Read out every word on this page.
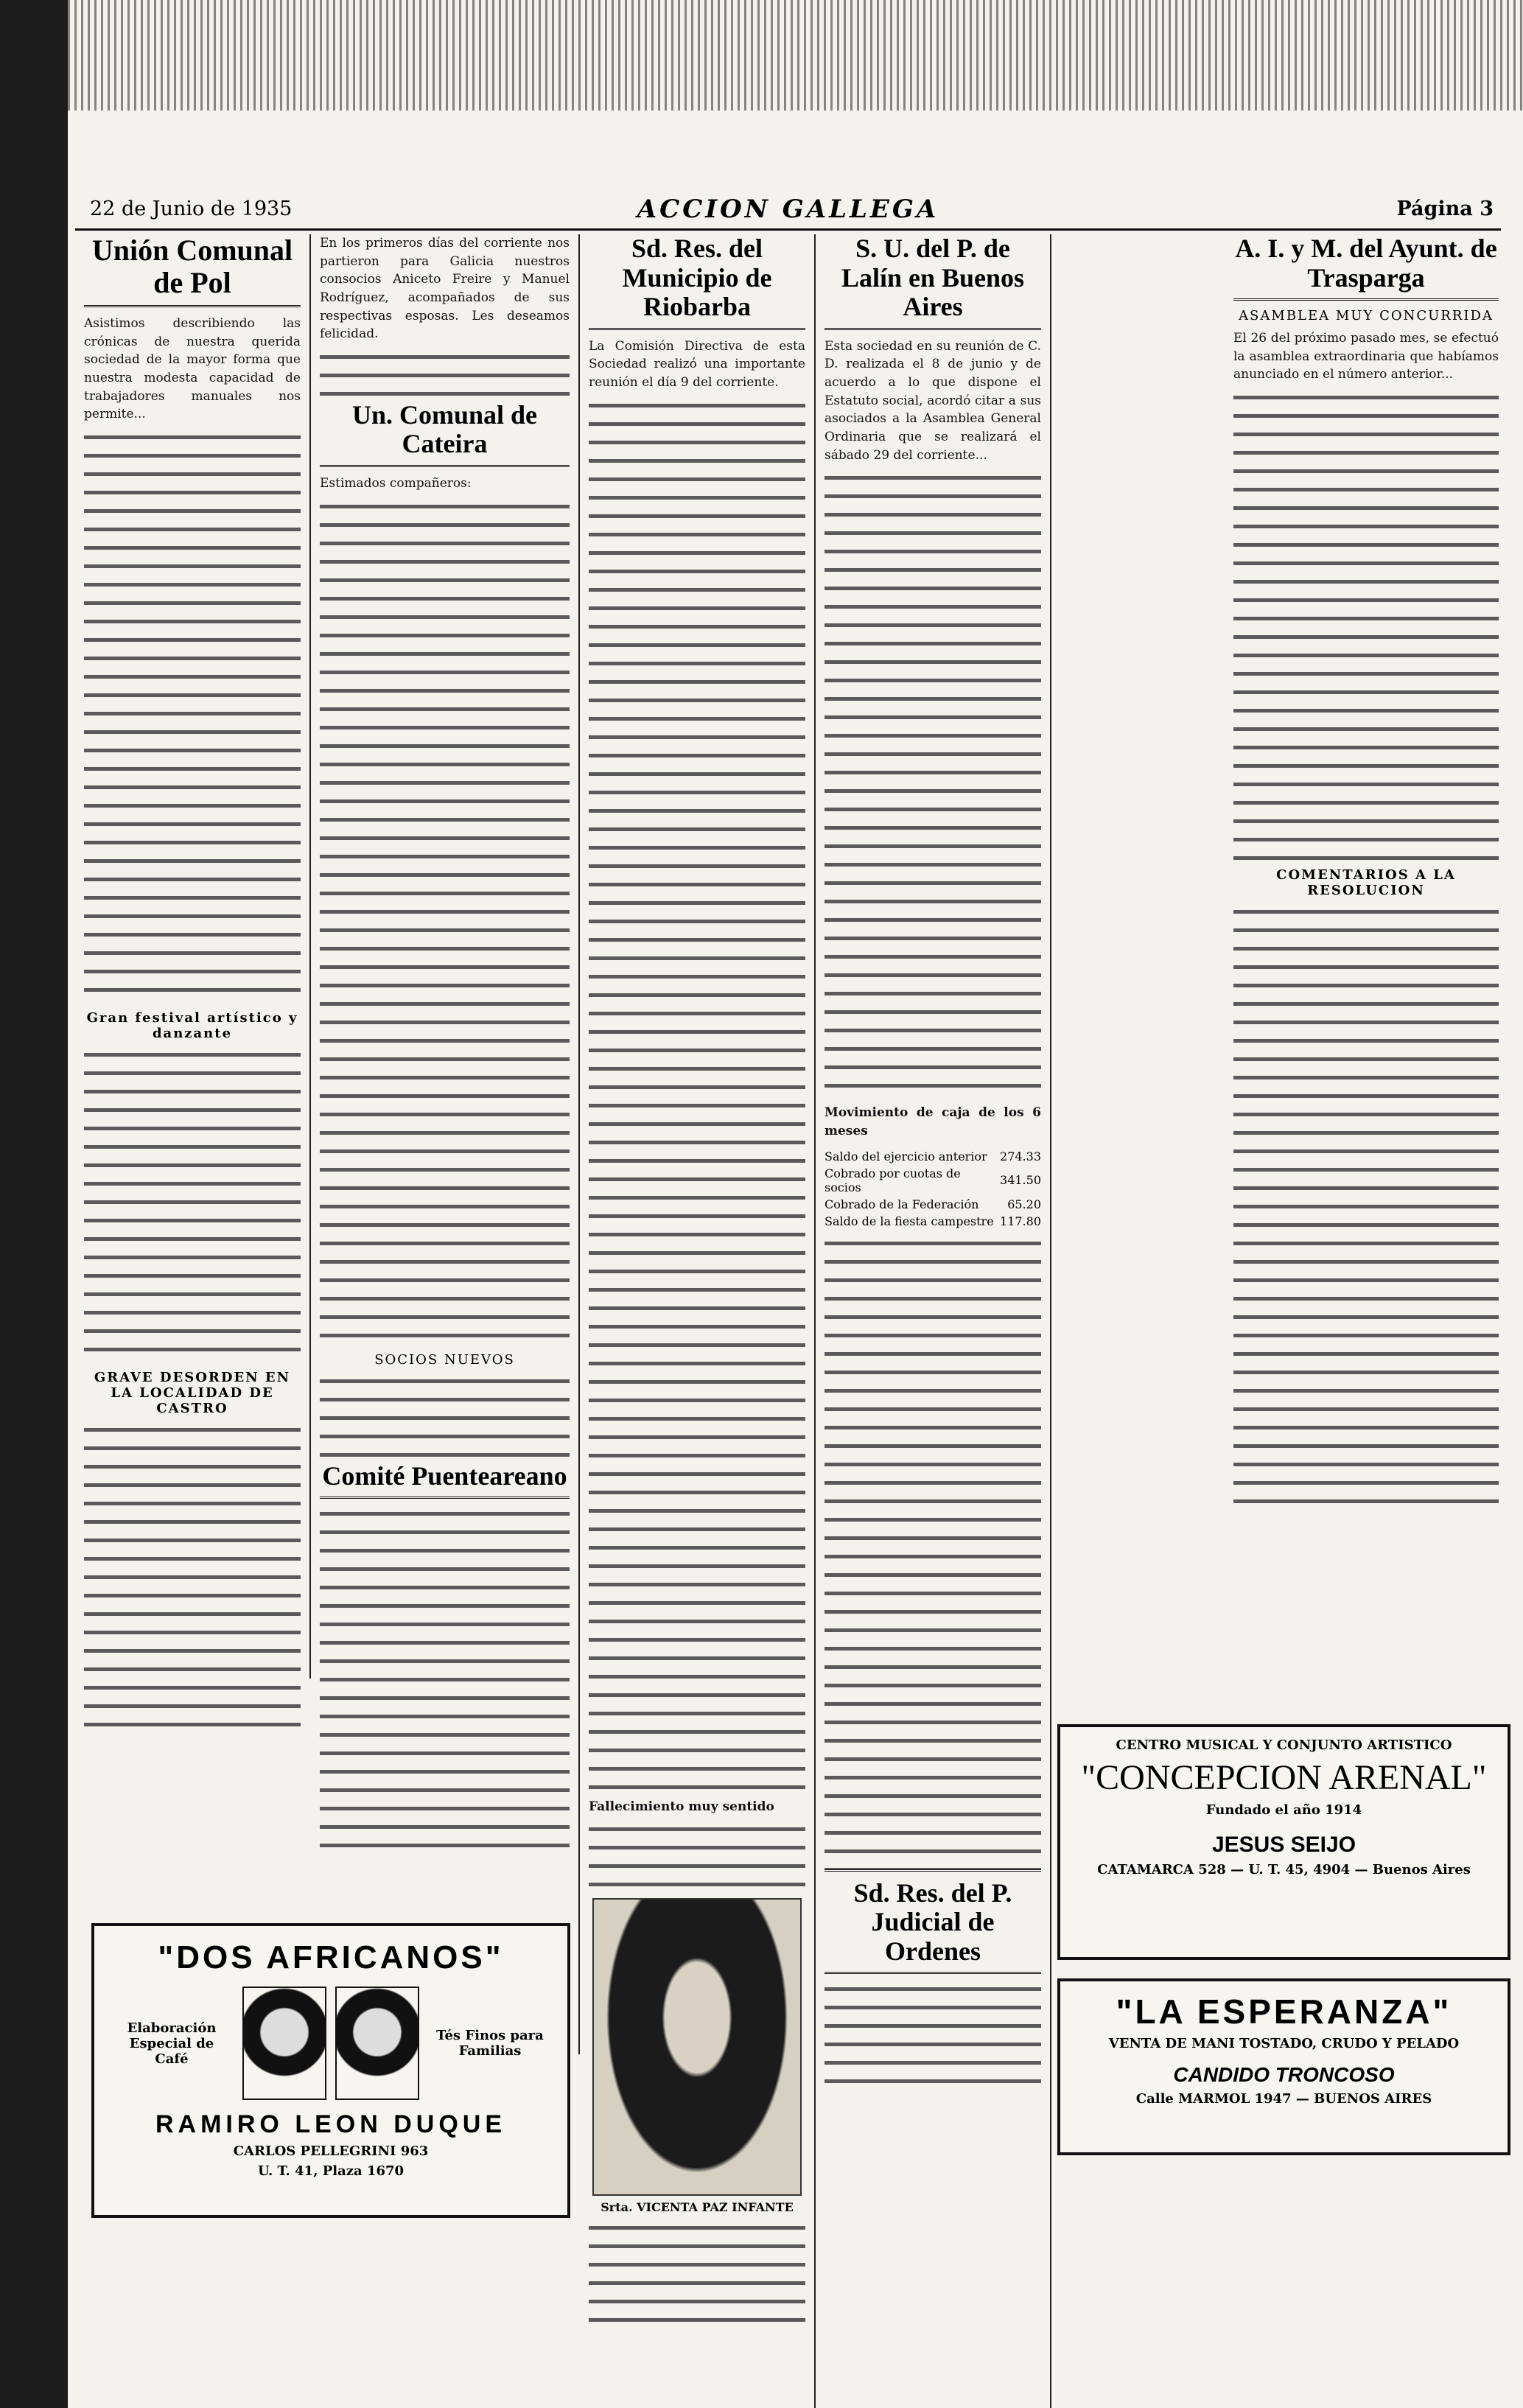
22 de Junio de 1935	ACCION GALLEGA	Página 3
Unión Comunal de Pol
Asistimos describiendo las crónicas de nuestra querida sociedad de la mayor forma que nuestra modesta capacidad de trabajadores manuales nos permite...
Gran festival artístico y danzante
GRAVE DESORDEN EN LA LOCALIDAD DE CASTRO
En los primeros días del corriente nos partieron para Galicia nuestros consocios Aniceto Freire y Manuel Rodríguez, acompañados de sus respectivas esposas. Les deseamos felicidad.
Un. Comunal de Cateira
Estimados compañeros:
SOCIOS NUEVOS
Comité Puenteareano
Sd. Res. del Municipio de Riobarba
La Comisión Directiva de esta Sociedad realizó una importante reunión el día 9 del corriente.
Fallecimiento muy sentido
Srta. VICENTA PAZ INFANTE
S. U. del P. de Lalín en Buenos Aires
Esta sociedad en su reunión de C. D. realizada el 8 de junio y de acuerdo a lo que dispone el Estatuto social, acordó citar a sus asociados a la Asamblea General Ordinaria que se realizará el sábado 29 del corriente...
Movimiento de caja de los 6 meses
Saldo del ejercicio anterior	274.33
Cobrado por cuotas de socios	341.50
Cobrado de la Federación	65.20
Saldo de la fiesta campestre	117.80
Sd. Res. del P. Judicial de Ordenes
A. I. y M. del Ayunt. de Trasparga
ASAMBLEA MUY CONCURRIDA
El 26 del próximo pasado mes, se efectuó la asamblea extraordinaria que habíamos anunciado en el número anterior...
COMENTARIOS A LA RESOLUCION
"DOS AFRICANOS"
Elaboración Especial de Café
Tés Finos para Familias
RAMIRO LEON DUQUE
CARLOS PELLEGRINI 963
U. T. 41, Plaza 1670
CENTRO MUSICAL Y CONJUNTO ARTISTICO
"CONCEPCION ARENAL"
Fundado el año 1914
JESUS SEIJO
CATAMARCA 528 — U. T. 45, 4904 — Buenos Aires
"LA ESPERANZA"
VENTA DE MANI TOSTADO, CRUDO Y PELADO
CANDIDO TRONCOSO
Calle MARMOL 1947 — BUENOS AIRES
